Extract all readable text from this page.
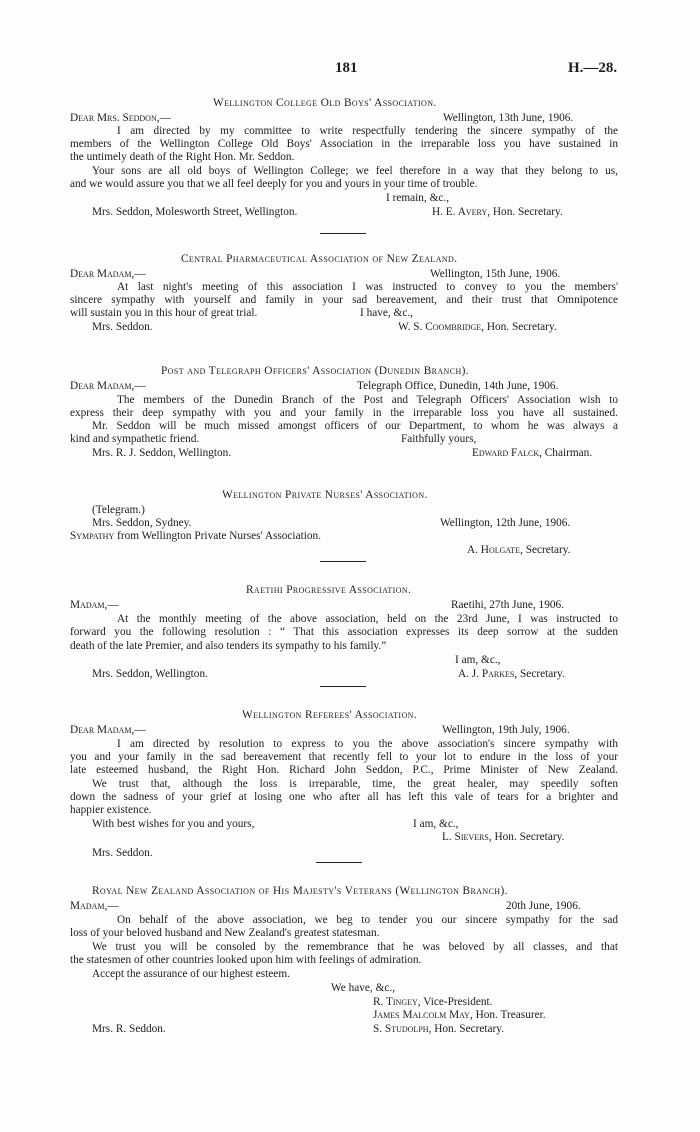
181	H.—28.
Wellington College Old Boys' Association.
Dear Mrs. Seddon,—	Wellington, 13th June, 1906.
I am directed by my committee to write respectfully tendering the sincere sympathy of the
members of the Wellington College Old Boys' Association in the irreparable loss you have sustained in
the untimely death of the Right Hon. Mr. Seddon.
Your sons are all old boys of Wellington College; we feel therefore in a way that they belong to us,
and we would assure you that we all feel deeply for you and yours in your time of trouble.
I remain, &c.,
Mrs. Seddon, Molesworth Street, Wellington.	H. E. Avery, Hon. Secretary.
Central Pharmaceutical Association of New Zealand.
Dear Madam,—	Wellington, 15th June, 1906.
At last night's meeting of this association I was instructed to convey to you the members'
sincere sympathy with yourself and family in your sad bereavement, and their trust that Omnipotence
will sustain you in this hour of great trial.	I have, &c.,
Mrs. Seddon.	W. S. Coombridge, Hon. Secretary.
Post and Telegraph Officers' Association (Dunedin Branch).
Dear Madam,—	Telegraph Office, Dunedin, 14th June, 1906.
The members of the Dunedin Branch of the Post and Telegraph Officers' Association wish to
express their deep sympathy with you and your family in the irreparable loss you have all sustained.
Mr. Seddon will be much missed amongst officers of our Department, to whom he was always a
kind and sympathetic friend.	Faithfully yours,
Mrs. R. J. Seddon, Wellington.	Edward Falck, Chairman.
Wellington Private Nurses' Association.
(Telegram.)
Mrs. Seddon, Sydney.	Wellington, 12th June, 1906.
Sympathy from Wellington Private Nurses' Association.
A. Holgate, Secretary.
Raetihi Progressive Association.
Madam,—	Raetihi, 27th June, 1906.
At the monthly meeting of the above association, held on the 23rd June, I was instructed to
forward you the following resolution : “ That this association expresses its deep sorrow at the sudden
death of the late Premier, and also tenders its sympathy to his family.”
I am, &c.,
Mrs. Seddon, Wellington.	A. J. Parkes, Secretary.
Wellington Referees' Association.
Dear Madam,—	Wellington, 19th July, 1906.
I am directed by resolution to express to you the above association's sincere sympathy with
you and your family in the sad bereavement that recently fell to your lot to endure in the loss of your
late esteemed husband, the Right Hon. Richard John Seddon, P.C., Prime Minister of New Zealand.
We trust that, although the loss is irreparable, time, the great healer, may speedily soften
down the sadness of your grief at losing one who after all has left this vale of tears for a brighter and
happier existence.
With best wishes for you and yours,	I am, &c.,
L. Sievers, Hon. Secretary.
Mrs. Seddon.
Royal New Zealand Association of His Majesty's Veterans (Wellington Branch).
Madam,—	20th June, 1906.
On behalf of the above association, we beg to tender you our sincere sympathy for the sad
loss of your beloved husband and New Zealand's greatest statesman.
We trust you will be consoled by the remembrance that he was beloved by all classes, and that
the statesmen of other countries looked upon him with feelings of admiration.
Accept the assurance of our highest esteem.
We have, &c.,
R. Tingey, Vice-President.
James Malcolm May, Hon. Treasurer.
Mrs. R. Seddon.	S. Studolph, Hon. Secretary.
